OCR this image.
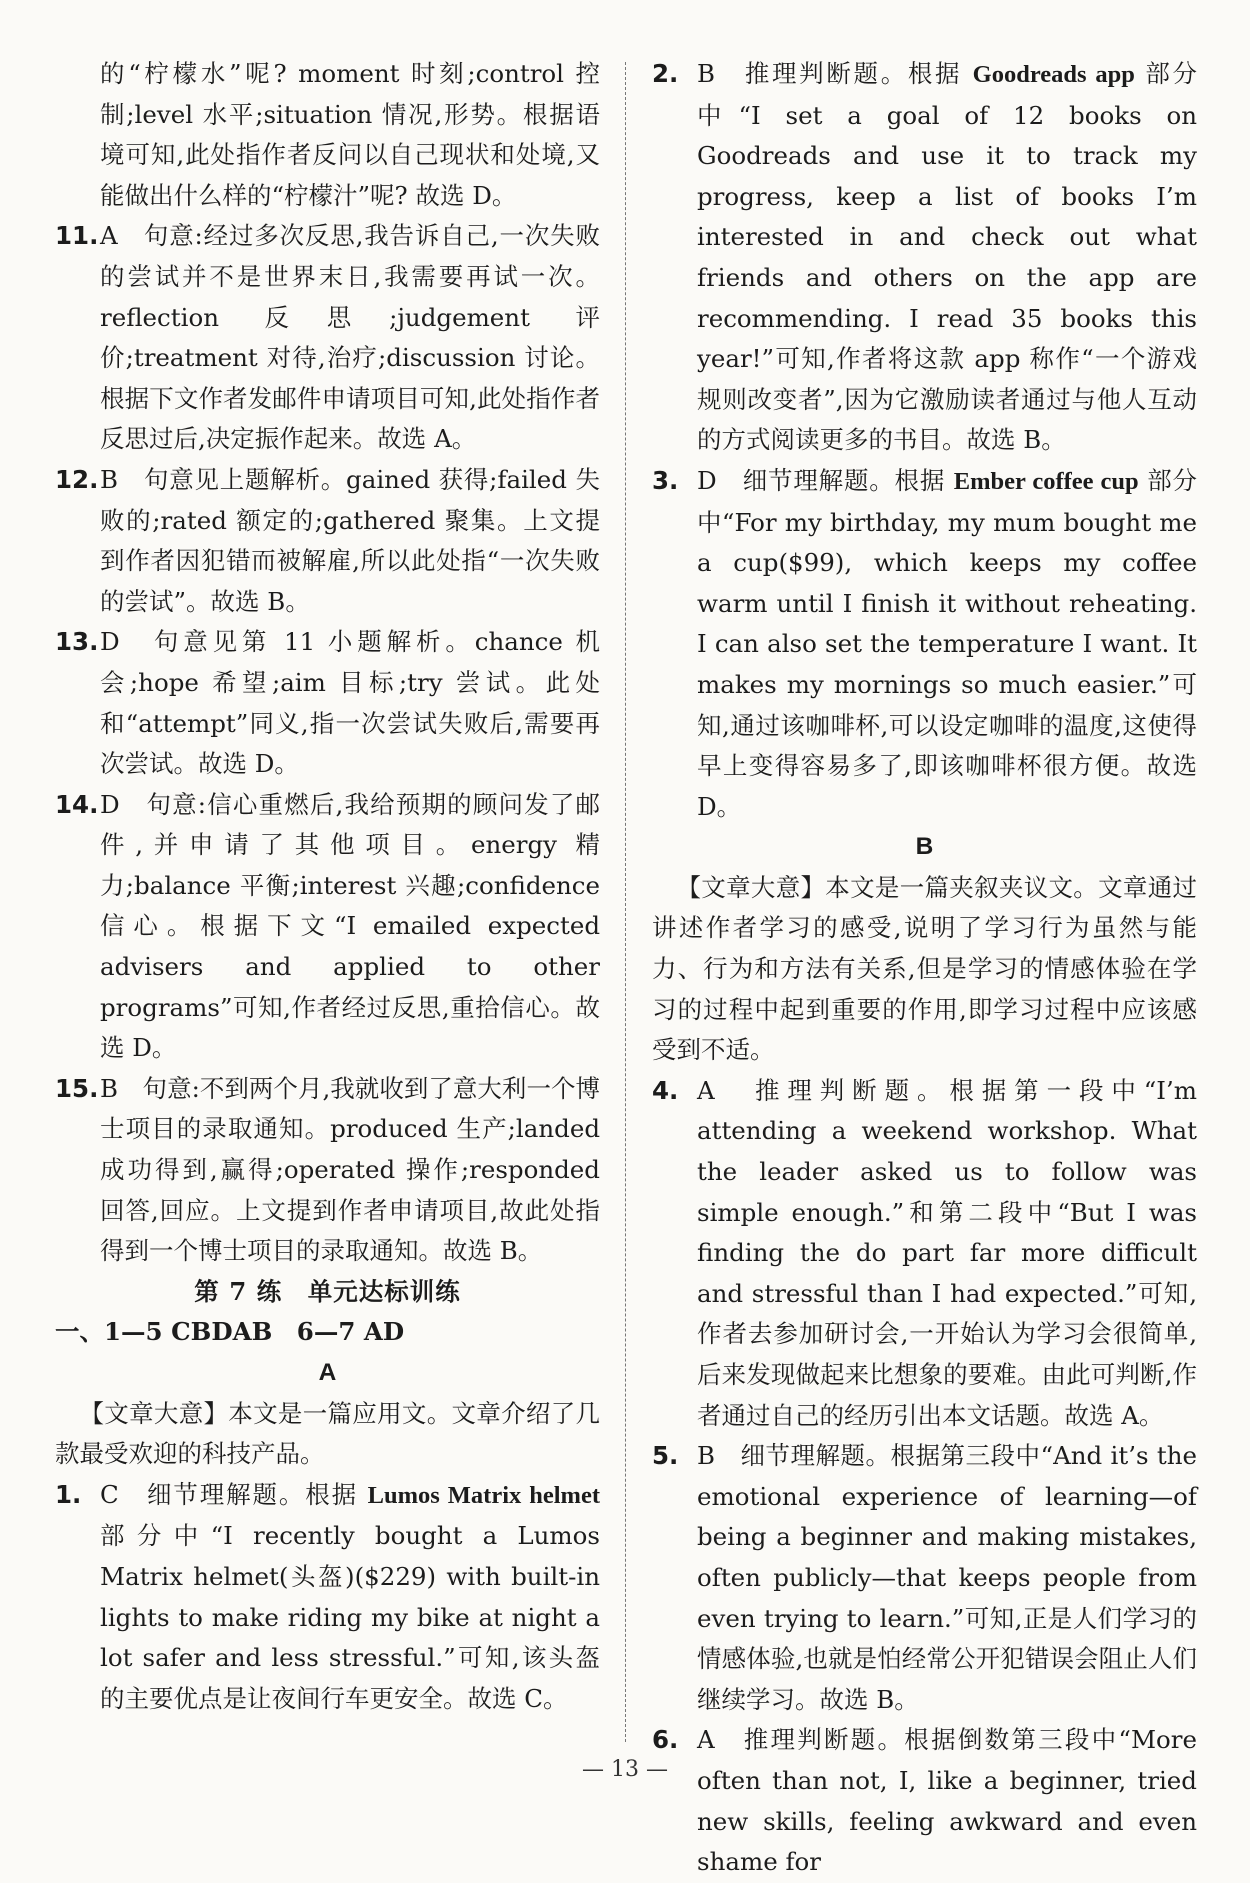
的“柠檬水”呢? moment 时刻;control 控制;level 水平;situation 情况,形势。根据语境可知,此处指作者反问以自己现状和处境,又能做出什么样的“柠檬汁”呢? 故选 D。

11. A　句意:经过多次反思,我告诉自己,一次失败的尝试并不是世界末日,我需要再试一次。reflection 反思;judgement 评价;treatment 对待,治疗;discussion 讨论。根据下文作者发邮件申请项目可知,此处指作者反思过后,决定振作起来。故选 A。

12. B　句意见上题解析。gained 获得;failed 失败的;rated 额定的;gathered 聚集。上文提到作者因犯错而被解雇,所以此处指“一次失败的尝试”。故选 B。

13. D　句意见第 11 小题解析。chance 机会;hope 希望;aim 目标;try 尝试。此处和“attempt”同义,指一次尝试失败后,需要再次尝试。故选 D。

14. D　句意:信心重燃后,我给预期的顾问发了邮件,并申请了其他项目。energy 精力;balance 平衡;interest 兴趣;confidence 信心。根据下文“I emailed expected advisers and applied to other programs”可知,作者经过反思,重拾信心。故选 D。

15. B　句意:不到两个月,我就收到了意大利一个博士项目的录取通知。produced 生产;landed 成功得到,赢得;operated 操作;responded 回答,回应。上文提到作者申请项目,故此处指得到一个博士项目的录取通知。故选 B。

第 7 练　单元达标训练

一、1—5 CBDAB　6—7 AD

A

【文章大意】本文是一篇应用文。文章介绍了几款最受欢迎的科技产品。

1. C　细节理解题。根据 Lumos Matrix helmet 部分中“I recently bought a Lumos Matrix helmet(头盔)($229) with built-in lights to make riding my bike at night a lot safer and less stressful.”可知,该头盔的主要优点是让夜间行车更安全。故选 C。

2. B　推理判断题。根据 Goodreads app 部分中“I set a goal of 12 books on Goodreads and use it to track my progress, keep a list of books I’m interested in and check out what friends and others on the app are recommending. I read 35 books this year!”可知,作者将这款 app 称作“一个游戏规则改变者”,因为它激励读者通过与他人互动的方式阅读更多的书目。故选 B。

3. D　细节理解题。根据 Ember coffee cup 部分中“For my birthday, my mum bought me a cup($99), which keeps my coffee warm until I finish it without reheating. I can also set the temperature I want. It makes my mornings so much easier.”可知,通过该咖啡杯,可以设定咖啡的温度,这使得早上变得容易多了,即该咖啡杯很方便。故选 D。

B

【文章大意】本文是一篇夹叙夹议文。文章通过讲述作者学习的感受,说明了学习行为虽然与能力、行为和方法有关系,但是学习的情感体验在学习的过程中起到重要的作用,即学习过程中应该感受到不适。

4. A　推理判断题。根据第一段中“I’m attending a weekend workshop. What the leader asked us to follow was simple enough.”和第二段中“But I was finding the do part far more difficult and stressful than I had expected.”可知,作者去参加研讨会,一开始认为学习会很简单,后来发现做起来比想象的要难。由此可判断,作者通过自己的经历引出本文话题。故选 A。

5. B　细节理解题。根据第三段中“And it’s the emotional experience of learning—of being a beginner and making mistakes, often publicly—that keeps people from even trying to learn.”可知,正是人们学习的情感体验,也就是怕经常公开犯错误会阻止人们继续学习。故选 B。

6. A　推理判断题。根据倒数第三段中“More often than not, I, like a beginner, tried new skills, feeling awkward and even shame for

— 13 —
